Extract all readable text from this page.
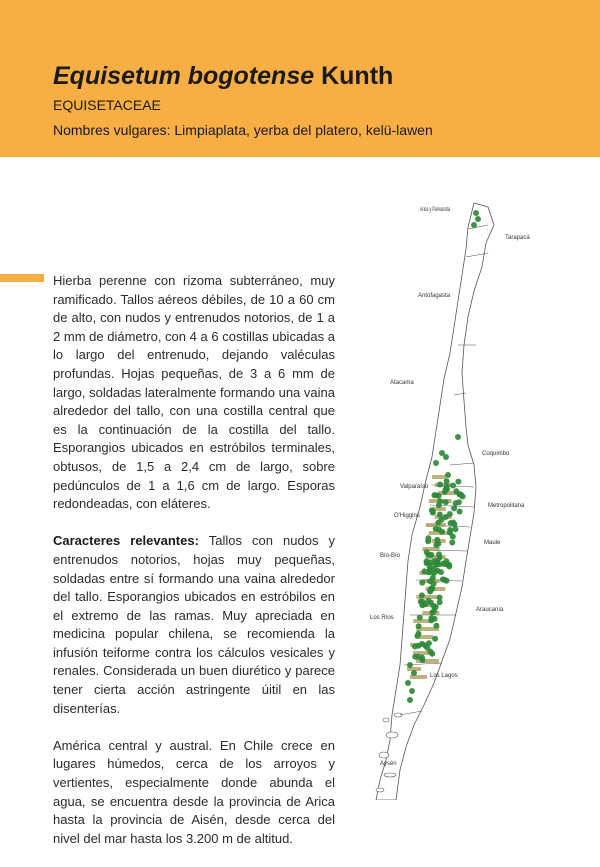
Equisetum bogotense Kunth
EQUISETACEAE
Nombres vulgares: Limpiaplata, yerba del platero, kelü-lawen

Hierba perenne con rizoma subterráneo, muy ramificado. Tallos aéreos débiles, de 10 a 60 cm de alto, con nudos y entrenudos notorios, de 1 a 2 mm de diámetro, con 4 a 6 costillas ubicadas a lo largo del entrenudo, dejando valéculas profundas. Hojas pequeñas, de 3 a 6 mm de largo, soldadas lateralmente formando una vaina alrededor del tallo, con una costilla central que es la continuación de la costilla del tallo. Esporangios ubicados en estróbilos terminales, obtusos, de 1,5 a 2,4 cm de largo, sobre pedúnculos de 1 a 1,6 cm de largo. Esporas redondeadas, con eláteres.

Caracteres relevantes: Tallos con nudos y entrenudos notorios, hojas muy pequeñas, soldadas entre sí formando una vaina alrededor del tallo. Esporangios ubicados en estróbilos en el extremo de las ramas. Muy apreciada en medicina popular chilena, se recomienda la infusión teiforme contra los cálculos vesicales y renales. Considerada un buen diurético y parece tener cierta acción astringente úitil en las disenterías.

América central y austral. En Chile crece en lugares húmedos, cerca de los arroyos y vertientes, especialmente donde abunda el agua, se encuentra desde la provincia de Arica hasta la provincia de Aisén, desde cerca del nivel del mar hasta los 3.200 m de altitud.

Arica y Parinacota
Tarapacá
Antofagasta
Atacama
Coquimbo
Valparaíso
Metropolitana
O'Higgins
Maule
Bío-Bío
Araucanía
Los Ríos
Los Lagos
Aysén
